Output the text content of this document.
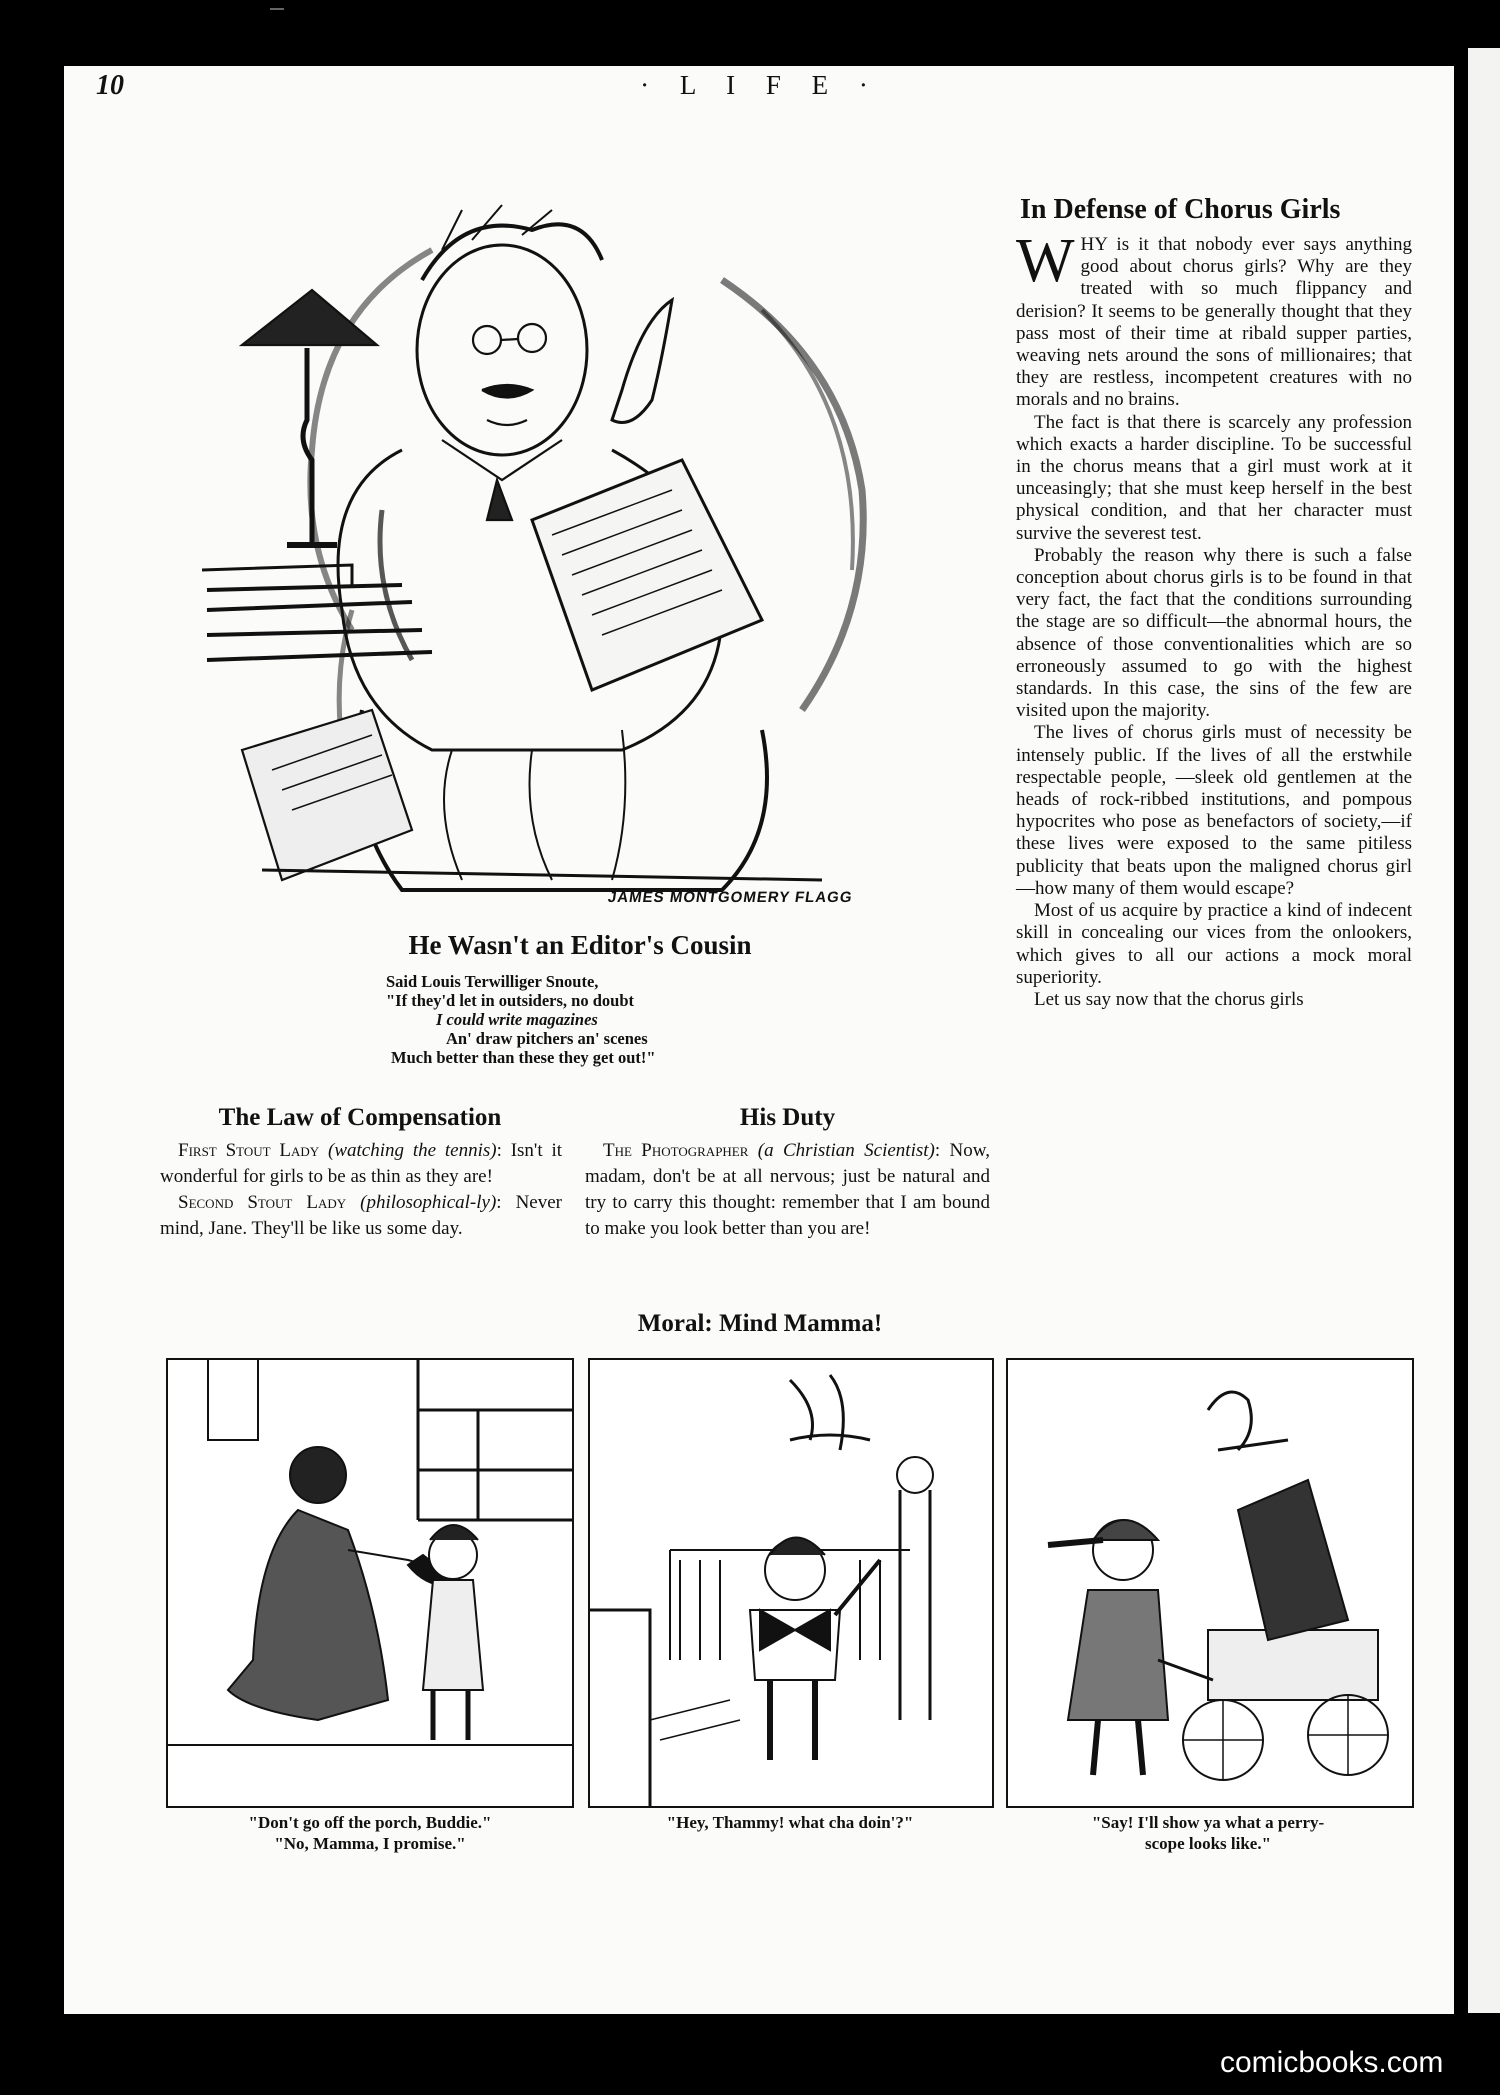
10	· L I F E ·
JAMES MONTGOMERY FLAGG
He Wasn't an Editor's Cousin
Said Louis Terwilliger Snoute,
"If they'd let in outsiders, no doubt
I could write magazines
An' draw pitchers an' scenes
Much better than these they get out!"
The Law of Compensation

First Stout Lady (watching the tennis): Isn't it wonderful for girls to be as thin as they are!

Second Stout Lady (philosophical-ly): Never mind, Jane. They'll be like us some day.

His Duty

The Photographer (a Christian Scientist): Now, madam, don't be at all nervous; just be natural and try to carry this thought: remember that I am bound to make you look better than you are!

In Defense of Chorus Girls

WHY is it that nobody ever says anything good about chorus girls? Why are they treated with so much flippancy and derision? It seems to be generally thought that they pass most of their time at ribald supper parties, weaving nets around the sons of millionaires; that they are restless, incompetent creatures with no morals and no brains.

The fact is that there is scarcely any profession which exacts a harder discipline. To be successful in the chorus means that a girl must work at it unceasingly; that she must keep herself in the best physical condition, and that her character must survive the severest test.

Probably the reason why there is such a false conception about chorus girls is to be found in that very fact, the fact that the conditions surrounding the stage are so difficult—the abnormal hours, the absence of those conventionalities which are so erroneously assumed to go with the highest standards. In this case, the sins of the few are visited upon the majority.

The lives of chorus girls must of necessity be intensely public. If the lives of all the erstwhile respectable people, —sleek old gentlemen at the heads of rock-ribbed institutions, and pompous hypocrites who pose as benefactors of society,—if these lives were exposed to the same pitiless publicity that beats upon the maligned chorus girl—how many of them would escape?

Most of us acquire by practice a kind of indecent skill in concealing our vices from the onlookers, which gives to all our actions a mock moral superiority.

Let us say now that the chorus girls

Moral: Mind Mamma!
"Don't go off the porch, Buddie."
"No, Mamma, I promise."
"Hey, Thammy! what cha doin'?"	"Say! I'll show ya what a perry-
scope looks like."
comicbooks.com
